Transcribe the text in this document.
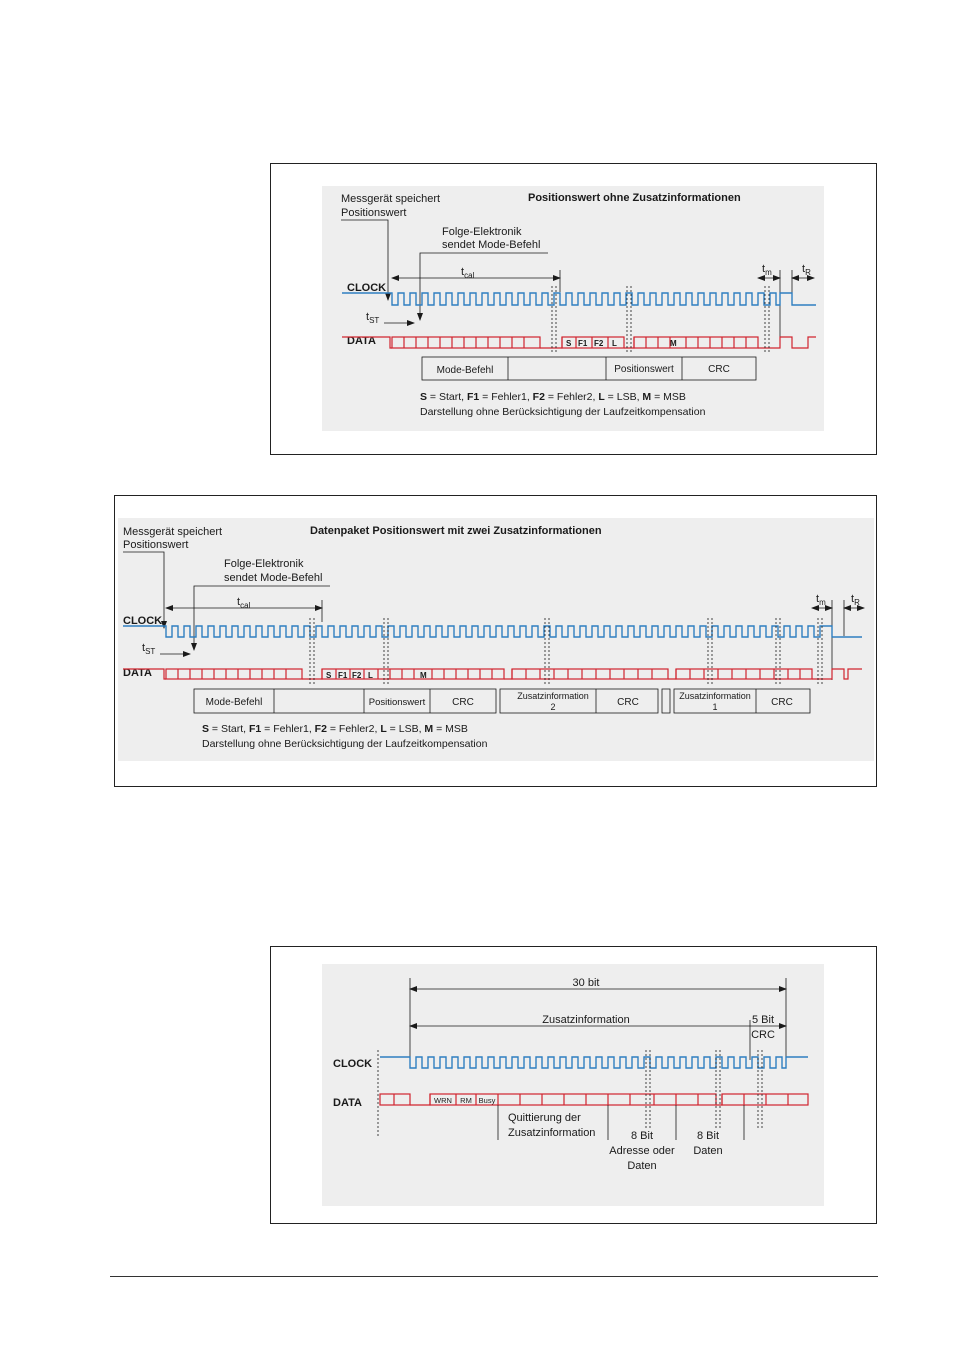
Positionswert ohne Zusatzinformationen
Messgerät speichert
Positionswert
Folge-Elektronik
sendet Mode-Befehl
$t_{cal}$
$t_m$	$t_R$
CLOCK
DATA	S F1 F2 L	M
$t_{ST}$
Mode-Befehl	Positionswert	CRC
S = Start, F1 = Fehler1, F2 = Fehler2, L = LSB, M = MSB
Darstellung ohne Berücksichtigung der Laufzeitkompensation
Datenpaket Positionswert mit zwei Zusatzinformationen
Messgerät speichert
Positionswert
Folge-Elektronik
sendet Mode-Befehl
$t_{cal}$
$t_m$ $t_R$
CLOCK
DATA	S F1 F2 L	M
$t_{ST}$
Mode-Befehl	Positionswert	CRC
Zusatzinformation
2	CRC
Zusatzinformation
1	CRC
S = Start, F1 = Fehler1, F2 = Fehler2, L = LSB, M = MSB
Darstellung ohne Berücksichtigung der Laufzeitkompensation
30 bit
Zusatzinformation	5 Bit
CRC
CLOCK
DATA	WRN RM Busy
Quittierung der
Zusatzinformation	8 Bit
Adresse oder
Daten
8 Bit
Daten
